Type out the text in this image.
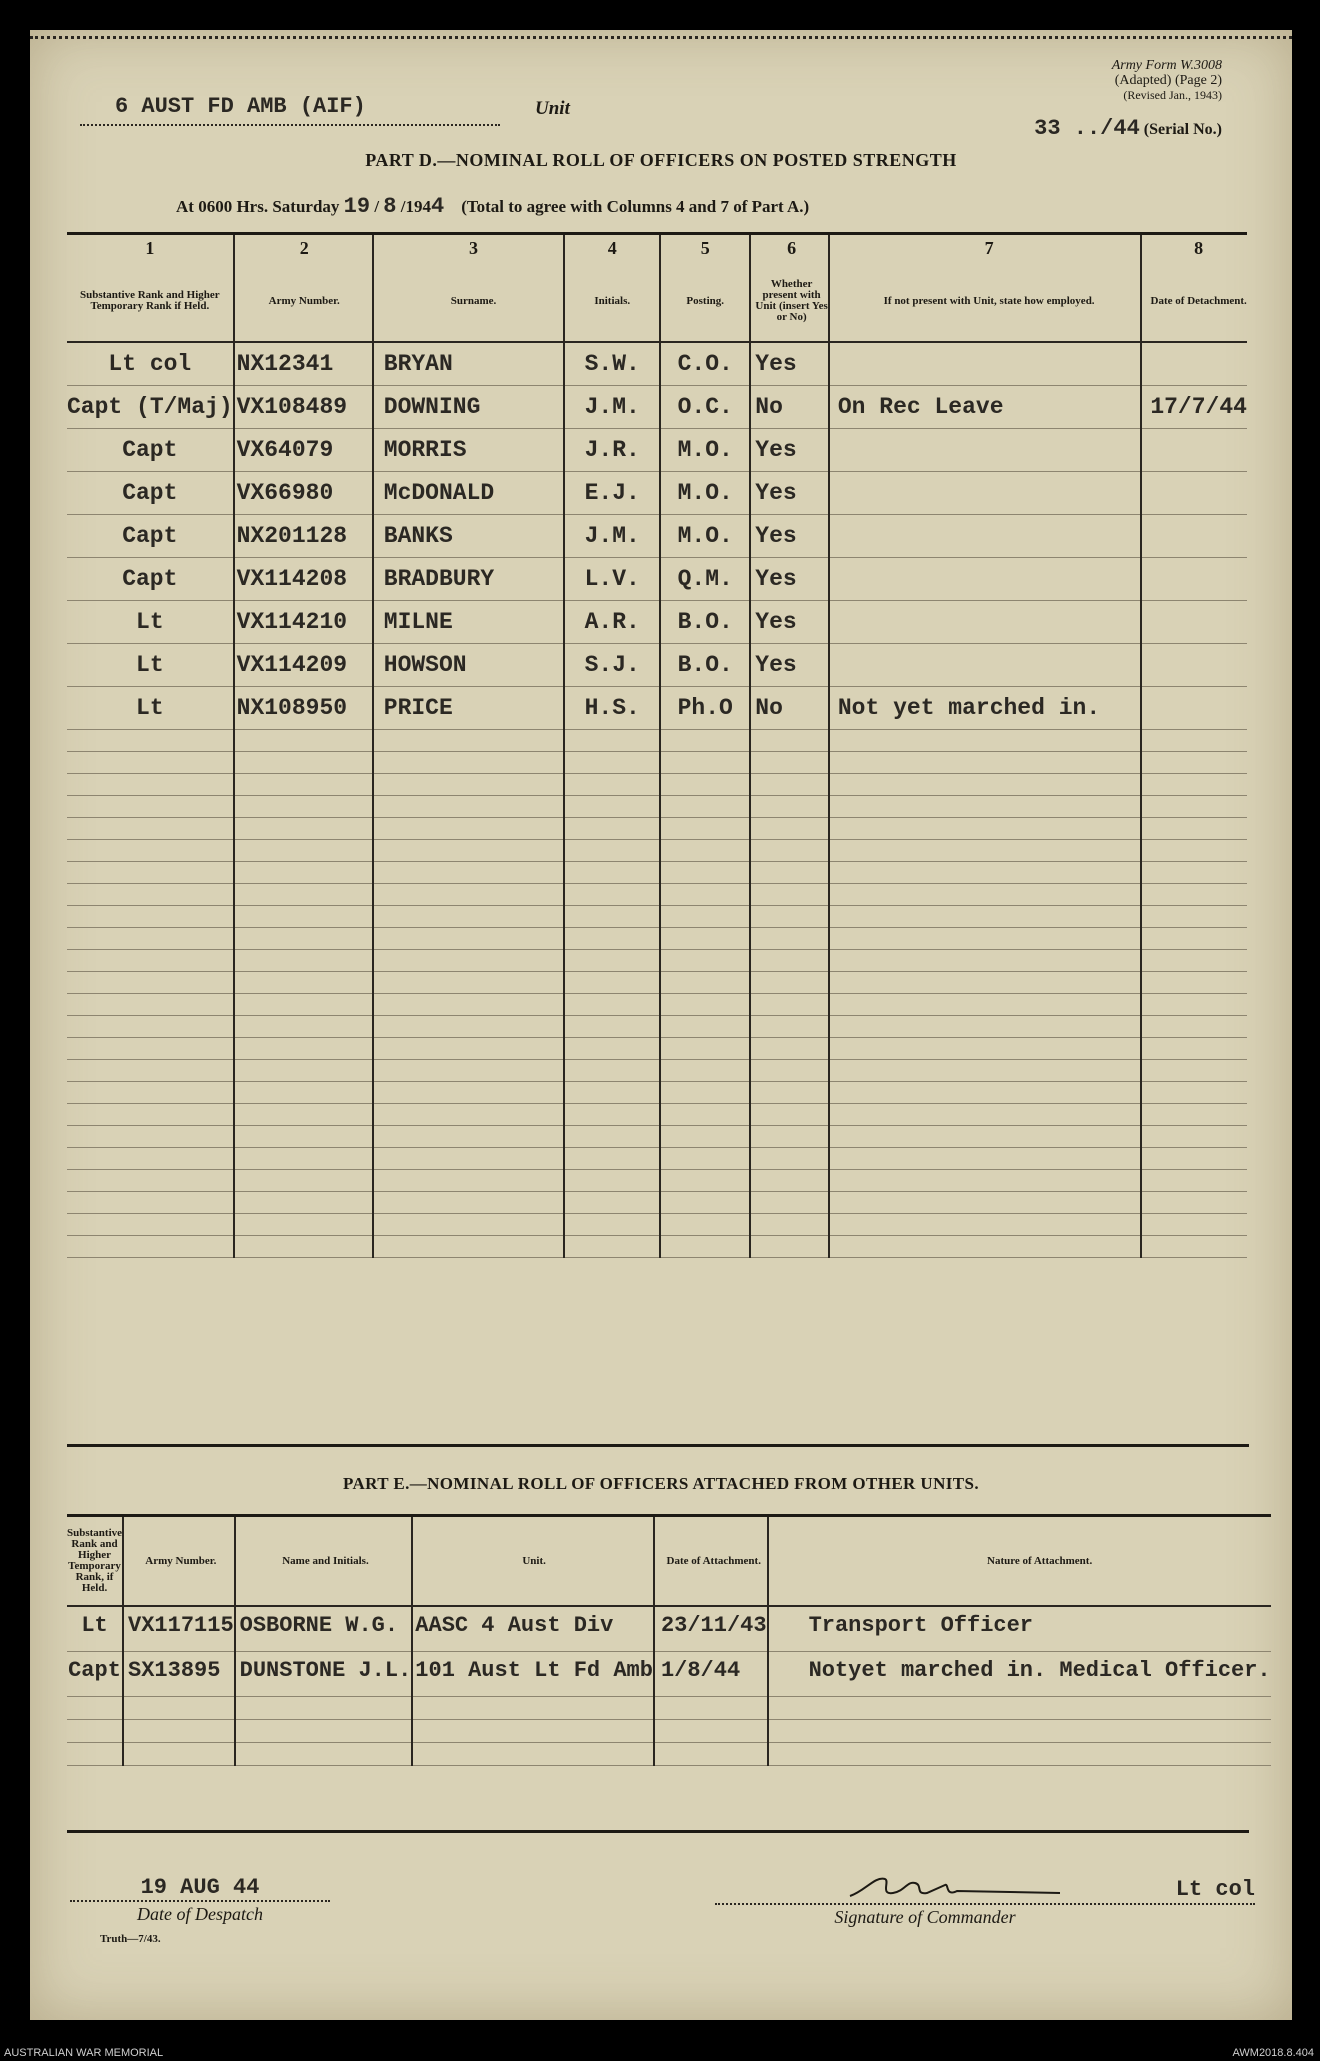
Army Form W.3008
(Adapted) (Page 2)
(Revised Jan., 1943)
6 AUST FD AMB (AIF)	Unit
33 ../44 (Serial No.)
PART D.—NOMINAL ROLL OF OFFICERS ON POSTED STRENGTH
At 0600 Hrs. Saturday 19 / 8 /1944 (Total to agree with Columns 4 and 7 of Part A.)
1	2	3	4	5	6	7	8
Substantive Rank and Higher Temporary Rank if Held.	Army Number.	Surname.	Initials.	Posting.	Whether present with Unit (insert Yes or No)	If not present with Unit, state how employed.	Date of Detachment.
Lt col	NX12341	BRYAN	S.W.	C.O.	Yes		
Capt (T/Maj)	VX108489	DOWNING	J.M.	O.C.	No	On Rec Leave	17/7/44
Capt	VX64079	MORRIS	J.R.	M.O.	Yes		
Capt	VX66980	McDONALD	E.J.	M.O.	Yes		
Capt	NX201128	BANKS	J.M.	M.O.	Yes		
Capt	VX114208	BRADBURY	L.V.	Q.M.	Yes		
Lt	VX114210	MILNE	A.R.	B.O.	Yes		
Lt	VX114209	HOWSON	S.J.	B.O.	Yes		
Lt	NX108950	PRICE	H.S.	Ph.O	No	Not yet marched in.	

PART E.—NOMINAL ROLL OF OFFICERS ATTACHED FROM OTHER UNITS.
Substantive Rank and Higher Temporary Rank, if Held.	Army Number.	Name and Initials.	Unit.	Date of Attachment.	Nature of Attachment.
Lt	VX117115	OSBORNE W.G.	AASC 4 Aust Div	23/11/43	Transport Officer
Capt	SX13895	DUNSTONE J.L.	101 Aust Lt Fd Amb	1/8/44	Notyet marched in. Medical Officer.

19 AUG 44
Date of Despatch
Lt col
Signature of Commander
Truth—7/43.
AUSTRALIAN WAR MEMORIAL	AWM2018.8.404
